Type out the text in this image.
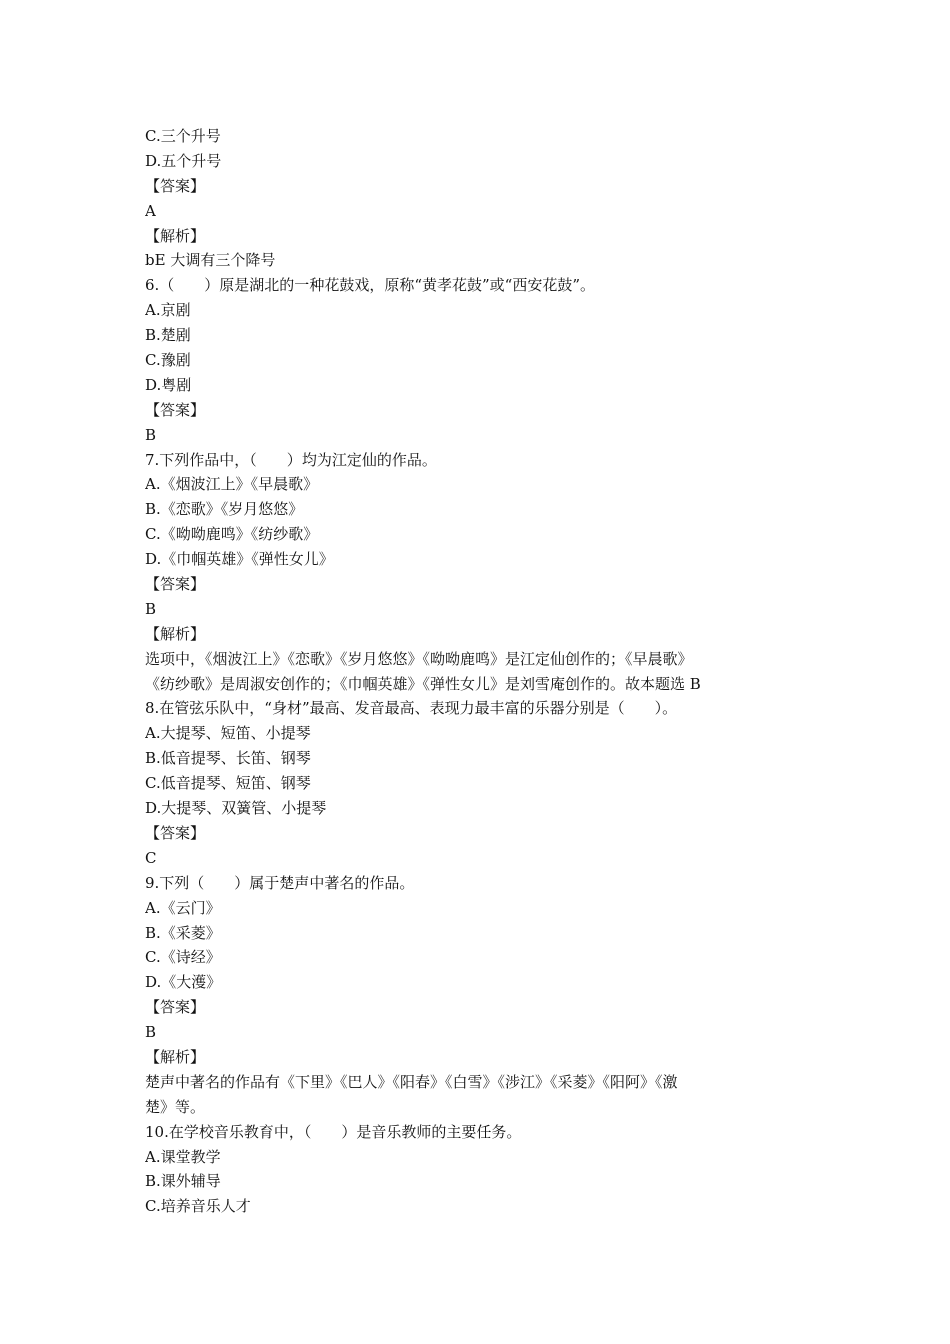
C.三个升号
D.五个升号
【答案】
A
【解析】
bE 大调有三个降号
6.（　　）原是湖北的一种花鼓戏，原称“黄孝花鼓”或“西安花鼓”。
A.京剧
B.楚剧
C.豫剧
D.粤剧
【答案】
B
7.下列作品中，（　　）均为江定仙的作品。
A.《烟波江上》《早晨歌》
B.《恋歌》《岁月悠悠》
C.《呦呦鹿鸣》《纺纱歌》
D.《巾帼英雄》《弹性女儿》
【答案】
B
【解析】
选项中，《烟波江上》《恋歌》《岁月悠悠》《呦呦鹿鸣》是江定仙创作的；《早晨歌》
《纺纱歌》是周淑安创作的；《巾帼英雄》《弹性女儿》是刘雪庵创作的。故本题选 B
8.在管弦乐队中，“身材”最高、发音最高、表现力最丰富的乐器分别是（　　）。
A.大提琴、短笛、小提琴
B.低音提琴、长笛、钢琴
C.低音提琴、短笛、钢琴
D.大提琴、双簧管、小提琴
【答案】
C
9.下列（　　）属于楚声中著名的作品。
A.《云门》
B.《采菱》
C.《诗经》
D.《大濩》
【答案】
B
【解析】
楚声中著名的作品有《下里》《巴人》《阳春》《白雪》《涉江》《采菱》《阳阿》《激
楚》等。
10.在学校音乐教育中，（　　）是音乐教师的主要任务。
A.课堂教学
B.课外辅导
C.培养音乐人才
